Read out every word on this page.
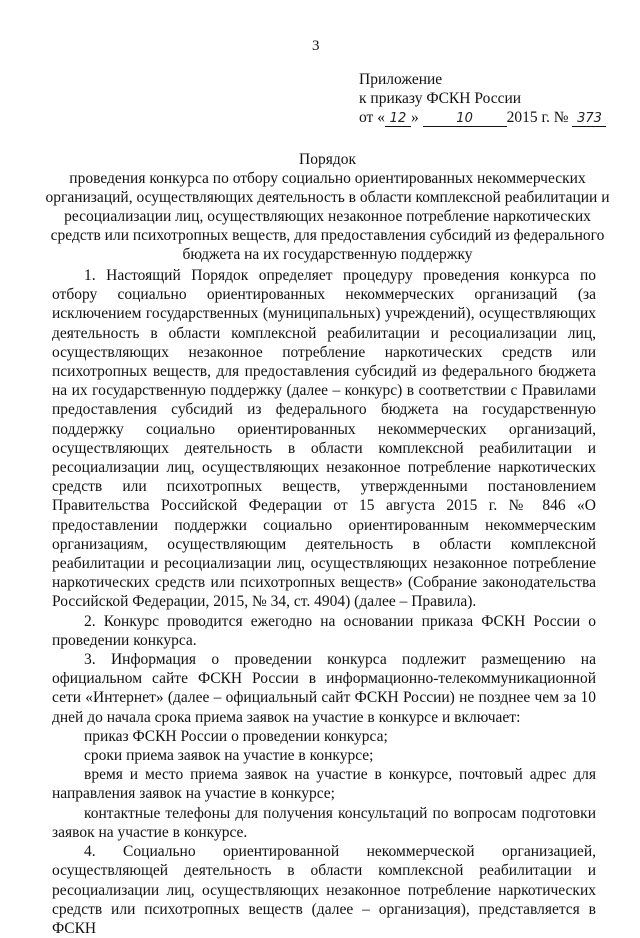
3
Приложение
к приказу ФСКН России
от « 12 »	10 2015 г. № 373
Порядок
проведения конкурса по отбору социально ориентированных некоммерческих организаций, осуществляющих деятельность в области комплексной реабилитации и ресоциализации лиц, осуществляющих незаконное потребление наркотических средств или психотропных веществ, для предоставления субсидий из федерального бюджета на их государственную поддержку

1. Настоящий Порядок определяет процедуру проведения конкурса по отбору социально ориентированных некоммерческих организаций (за исключением государственных (муниципальных) учреждений), осуществляющих деятельность в области комплексной реабилитации и ресоциализации лиц, осуществляющих незаконное потребление наркотических средств или психотропных веществ, для предоставления субсидий из федерального бюджета на их государственную поддержку (далее – конкурс) в соответствии с Правилами предоставления субсидий из федерального бюджета на государственную поддержку социально ориентированных некоммерческих организаций, осуществляющих деятельность в области комплексной реабилитации и ресоциализации лиц, осуществляющих незаконное потребление наркотических средств или психотропных веществ, утвержденными постановлением Правительства Российской Федерации от 15 августа 2015 г. № 846 «О предоставлении поддержки социально ориентированным некоммерческим организациям, осуществляющим деятельность в области комплексной реабилитации и ресоциализации лиц, осуществляющих незаконное потребление наркотических средств или психотропных веществ» (Собрание законодательства Российской Федерации, 2015, № 34, ст. 4904) (далее – Правила).

2. Конкурс проводится ежегодно на основании приказа ФСКН России о проведении конкурса.

3. Информация о проведении конкурса подлежит размещению на официальном сайте ФСКН России в информационно-телекоммуникационной сети «Интернет» (далее – официальный сайт ФСКН России) не позднее чем за 10 дней до начала срока приема заявок на участие в конкурсе и включает:

приказ ФСКН России о проведении конкурса;

сроки приема заявок на участие в конкурсе;

время и место приема заявок на участие в конкурсе, почтовый адрес для направления заявок на участие в конкурсе;

контактные телефоны для получения консультаций по вопросам подготовки заявок на участие в конкурсе.

4. Социально ориентированной некоммерческой организацией, осуществляющей деятельность в области комплексной реабилитации и ресоциализации лиц, осуществляющих незаконное потребление наркотических средств или психотропных веществ (далее – организация), представляется в ФСКН
